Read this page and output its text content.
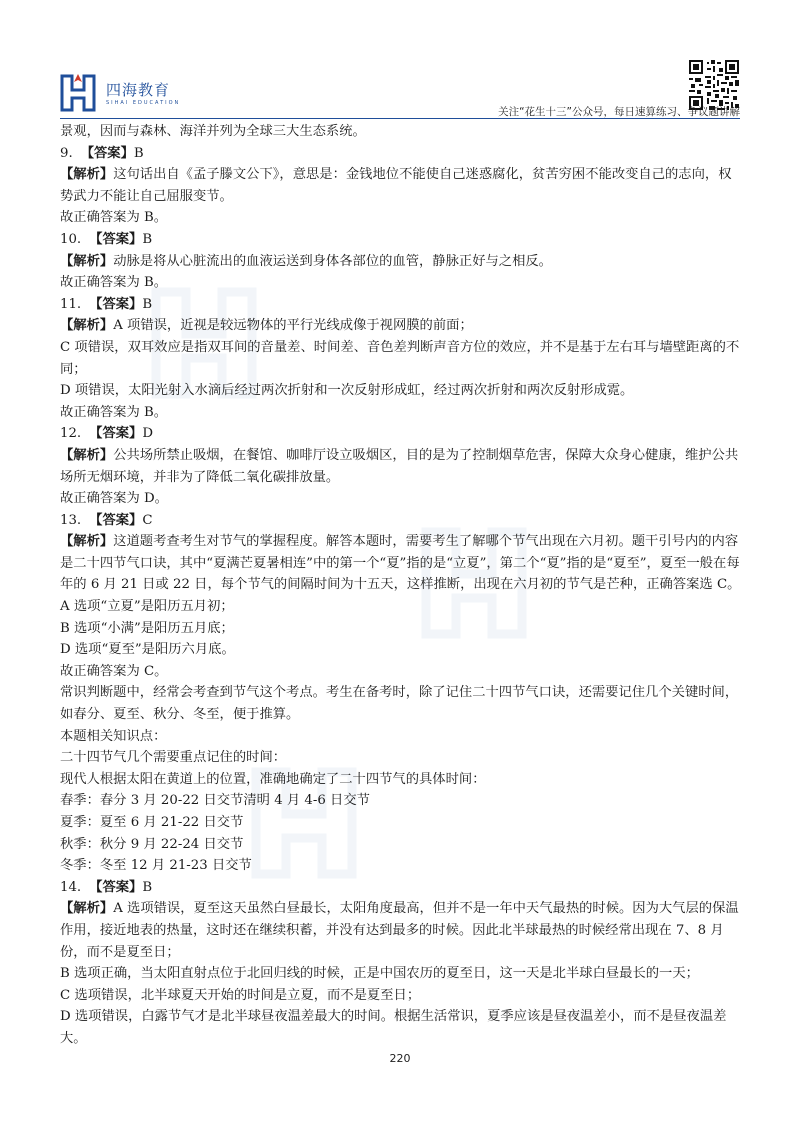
四海教育
SIHAI EDUCATION
关注“花生十三”公众号，每日速算练习、争议题讲解
景观，因而与森林、海洋并列为全球三大生态系统。
9. 【答案】B
【解析】这句话出自《孟子滕文公下》，意思是：金钱地位不能使自己迷惑腐化，贫苦穷困不能改变自己的志向，权势武力不能让自己屈服变节。
故正确答案为 B。
10. 【答案】B
【解析】动脉是将从心脏流出的血液运送到身体各部位的血管，静脉正好与之相反。
故正确答案为 B。
11. 【答案】B
【解析】A 项错误，近视是较远物体的平行光线成像于视网膜的前面；
C 项错误，双耳效应是指双耳间的音量差、时间差、音色差判断声音方位的效应，并不是基于左右耳与墙壁距离的不同；
D 项错误，太阳光射入水滴后经过两次折射和一次反射形成虹，经过两次折射和两次反射形成霓。
故正确答案为 B。
12. 【答案】D
【解析】公共场所禁止吸烟，在餐馆、咖啡厅设立吸烟区，目的是为了控制烟草危害，保障大众身心健康，维护公共场所无烟环境，并非为了降低二氧化碳排放量。
故正确答案为 D。
13. 【答案】C
【解析】这道题考查考生对节气的掌握程度。解答本题时，需要考生了解哪个节气出现在六月初。题干引号内的内容是二十四节气口诀，其中“夏满芒夏暑相连”中的第一个“夏”指的是“立夏”，第二个“夏”指的是“夏至”，夏至一般在每年的 6 月 21 日或 22 日，每个节气的间隔时间为十五天，这样推断，出现在六月初的节气是芒种，正确答案选 C。
A 选项“立夏”是阳历五月初；
B 选项“小满”是阳历五月底；
D 选项“夏至”是阳历六月底。
故正确答案为 C。
常识判断题中，经常会考查到节气这个考点。考生在备考时，除了记住二十四节气口诀，还需要记住几个关键时间，如春分、夏至、秋分、冬至，便于推算。
本题相关知识点：
二十四节气几个需要重点记住的时间：
现代人根据太阳在黄道上的位置，准确地确定了二十四节气的具体时间：
春季：春分 3 月 20-22 日交节清明 4 月 4-6 日交节
夏季：夏至 6 月 21-22 日交节
秋季：秋分 9 月 22-24 日交节
冬季：冬至 12 月 21-23 日交节
14. 【答案】B
【解析】A 选项错误，夏至这天虽然白昼最长，太阳角度最高，但并不是一年中天气最热的时候。因为大气层的保温作用，接近地表的热量，这时还在继续积蓄，并没有达到最多的时候。因此北半球最热的时候经常出现在 7、8 月份，而不是夏至日；
B 选项正确，当太阳直射点位于北回归线的时候，正是中国农历的夏至日，这一天是北半球白昼最长的一天；
C 选项错误，北半球夏天开始的时间是立夏，而不是夏至日；
D 选项错误，白露节气才是北半球昼夜温差最大的时间。根据生活常识，夏季应该是昼夜温差小，而不是昼夜温差大。
220
